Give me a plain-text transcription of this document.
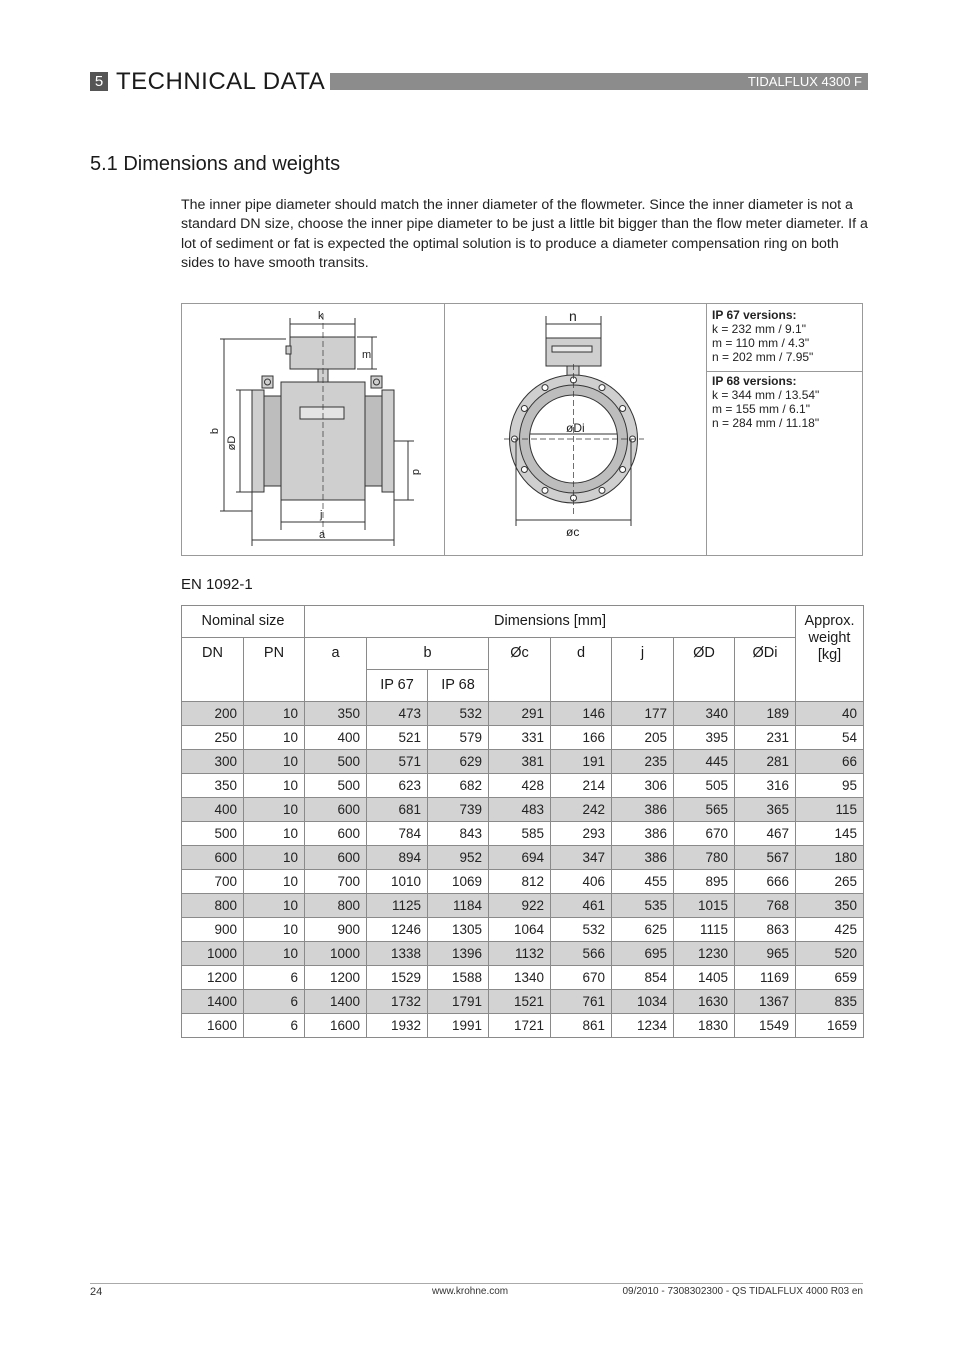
5 TECHNICAL DATA	TIDALFLUX 4300 F
5.1 Dimensions and weights
The inner pipe diameter should match the inner diameter of the flowmeter. Since the inner diameter is not a standard DN size, choose the inner pipe diameter to be just a little bit bigger than the flow meter diameter. If a lot of sediment or fat is expected the optimal solution is to produce a diameter compensation ring on both sides to have smooth transits.
k
m
b
øD
d
j
a
n
øDi
øc
IP 67 versions:
k = 232 mm / 9.1"
m = 110 mm / 4.3"
n = 202 mm / 7.95"
IP 68 versions:
k = 344 mm / 13.54"
m = 155 mm / 6.1"
n = 284 mm / 11.18"
EN 1092-1
Nominal size		Dimensions [mm]								Approx. weight [kg]
DN	PN	a	b		Øc	d	j	ØD	ØDi	
			IP 67	IP 68						
200	10	350	473	532	291	146	177	340	189	40
250	10	400	521	579	331	166	205	395	231	54
300	10	500	571	629	381	191	235	445	281	66
350	10	500	623	682	428	214	306	505	316	95
400	10	600	681	739	483	242	386	565	365	115
500	10	600	784	843	585	293	386	670	467	145
600	10	600	894	952	694	347	386	780	567	180
700	10	700	1010	1069	812	406	455	895	666	265
800	10	800	1125	1184	922	461	535	1015	768	350
900	10	900	1246	1305	1064	532	625	1115	863	425
1000	10	1000	1338	1396	1132	566	695	1230	965	520
1200	6	1200	1529	1588	1340	670	854	1405	1169	659
1400	6	1400	1732	1791	1521	761	1034	1630	1367	835
1600	6	1600	1932	1991	1721	861	1234	1830	1549	1659
24	www.krohne.com	09/2010 - 7308302300 - QS TIDALFLUX 4000 R03 en
